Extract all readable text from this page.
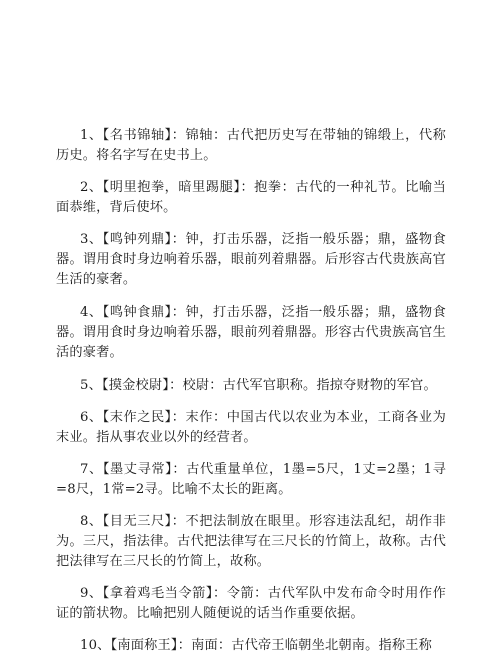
1、【名书锦轴】：锦轴：古代把历史写在带轴的锦缎上，代称历史。将名字写在史书上。

2、【明里抱拳，暗里踢腿】：抱拳：古代的一种礼节。比喻当面恭维，背后使坏。

3、【鸣钟列鼎】：钟，打击乐器，泛指一般乐器；鼎，盛物食器。谓用食时身边响着乐器，眼前列着鼎器。后形容古代贵族高官生活的豪奢。

4、【鸣钟食鼎】：钟，打击乐器，泛指一般乐器；鼎，盛物食器。谓用食时身边响着乐器，眼前列着鼎器。形容古代贵族高官生活的豪奢。

5、【摸金校尉】：校尉：古代军官职称。指掠夺财物的军官。

6、【末作之民】：末作：中国古代以农业为本业，工商各业为末业。指从事农业以外的经营者。

7、【墨丈寻常】：古代重量单位，1墨=5尺，1丈=2墨；1寻=8尺，1常=2寻。比喻不太长的距离。

8、【目无三尺】：不把法制放在眼里。形容违法乱纪，胡作非为。三尺，指法律。古代把法律写在三尺长的竹简上，故称。古代把法律写在三尺长的竹简上，故称。

9、【拿着鸡毛当令箭】：令箭：古代军队中发布命令时用作作证的箭状物。比喻把别人随便说的话当作重要依据。

10、【南面称王】：南面：古代帝王临朝坐北朝南。指称王称
